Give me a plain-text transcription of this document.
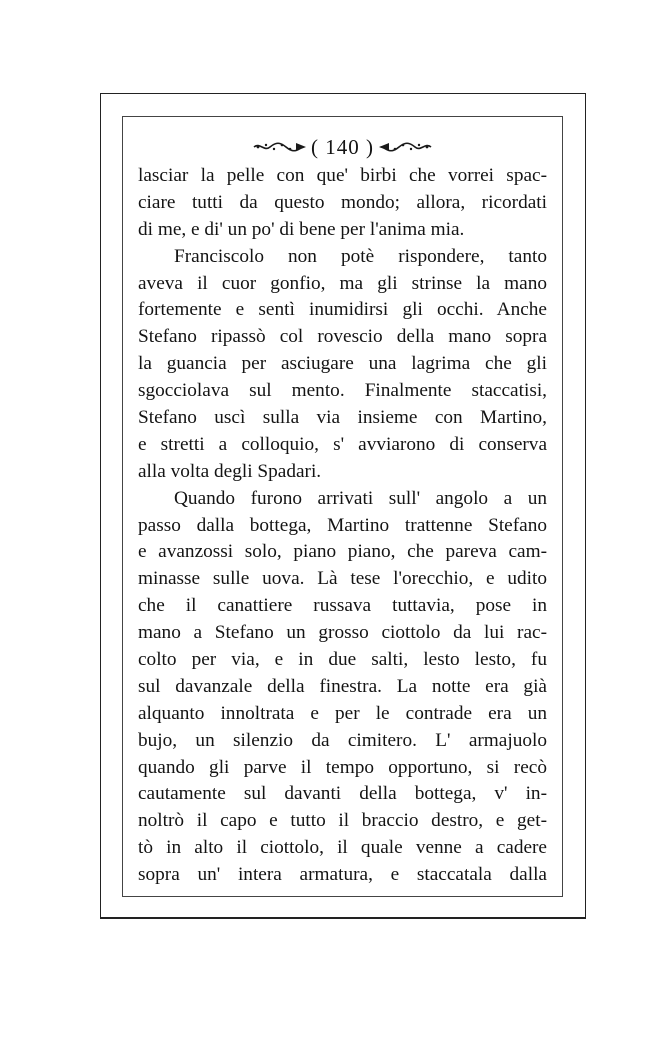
( 140 )
lasciar la pelle con que' birbi che vorrei spac-
ciare tutti da questo mondo; allora, ricordati
di me, e di' un po' di bene per l'anima mia.
Franciscolo non potè rispondere, tanto
aveva il cuor gonfio, ma gli strinse la mano
fortemente e sentì inumidirsi gli occhi. Anche
Stefano ripassò col rovescio della mano sopra
la guancia per asciugare una lagrima che gli
sgocciolava sul mento. Finalmente staccatisi,
Stefano uscì sulla via insieme con Martino,
e stretti a colloquio, s' avviarono di conserva
alla volta degli Spadari.
Quando furono arrivati sull' angolo a un
passo dalla bottega, Martino trattenne Stefano
e avanzossi solo, piano piano, che pareva cam-
minasse sulle uova. Là tese l'orecchio, e udito
che il canattiere russava tuttavia, pose in
mano a Stefano un grosso ciottolo da lui rac-
colto per via, e in due salti, lesto lesto, fu
sul davanzale della finestra. La notte era già
alquanto innoltrata e per le contrade era un
bujo, un silenzio da cimitero. L' armajuolo
quando gli parve il tempo opportuno, si recò
cautamente sul davanti della bottega, v' in-
noltrò il capo e tutto il braccio destro, e get-
tò in alto il ciottolo, il quale venne a cadere
sopra un' intera armatura, e staccatala dalla
